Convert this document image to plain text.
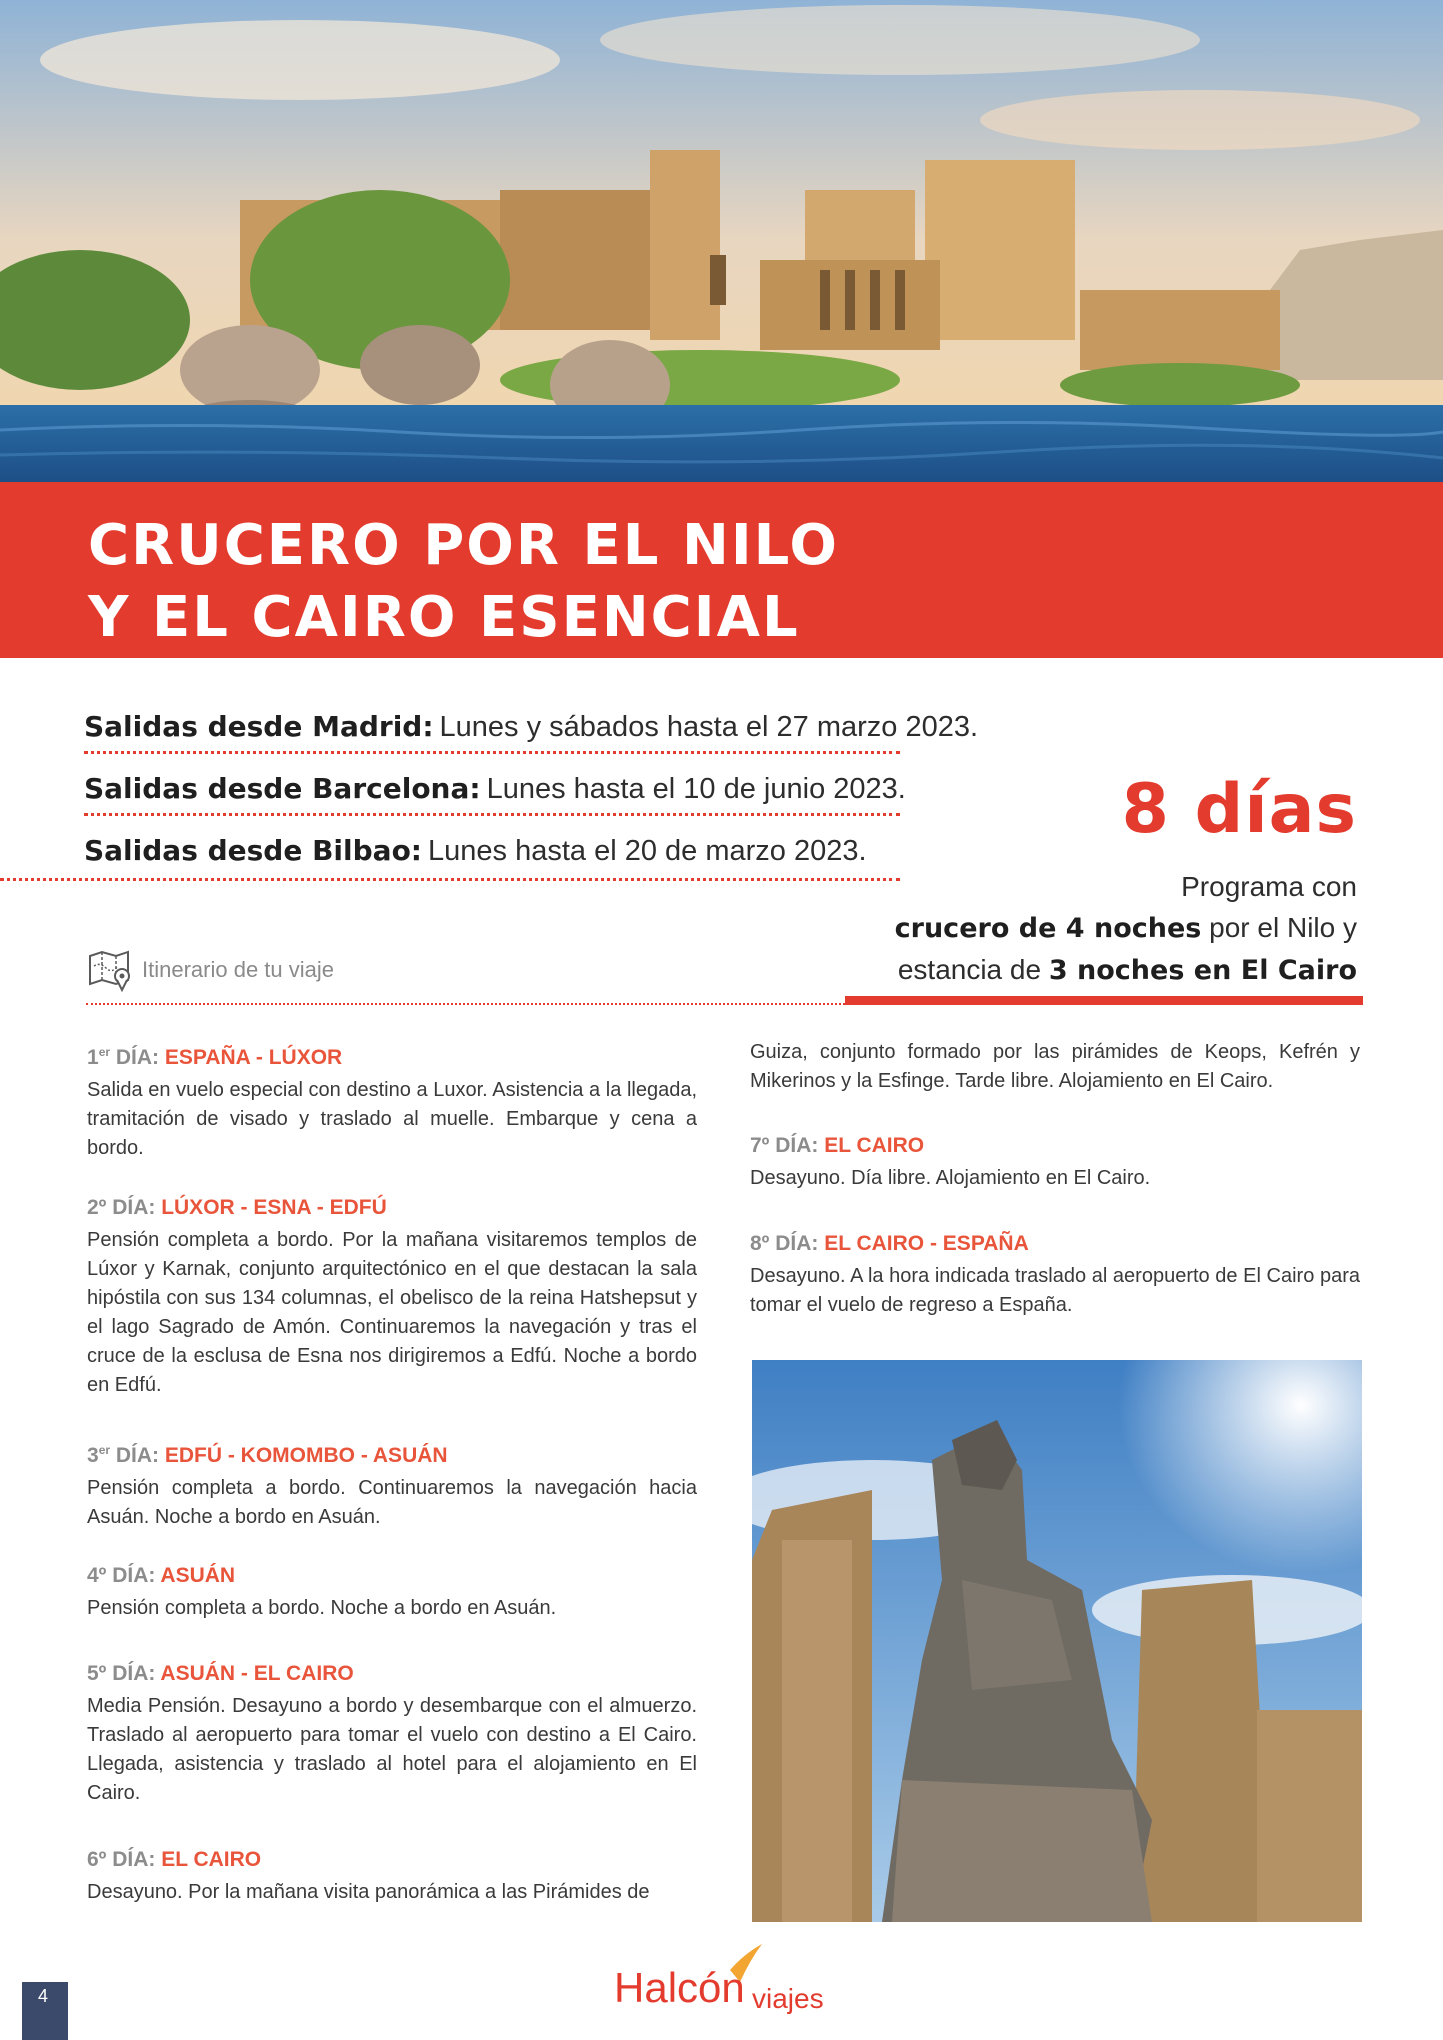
CRUCERO POR EL NILO
Y EL CAIRO ESENCIAL
Salidas desde Madrid: Lunes y sábados hasta el 27 marzo 2023.
Salidas desde Barcelona: Lunes hasta el 10 de junio 2023.
Salidas desde Bilbao: Lunes hasta el 20 de marzo 2023.
8 días
Programa con
crucero de 4 noches por el Nilo y
estancia de 3 noches en El Cairo
Itinerario de tu viaje
1er DÍA: ESPAÑA - LÚXOR
Salida en vuelo especial con destino a Luxor. Asistencia a la llegada, tramitación de visado y traslado al muelle. Embarque y cena a bordo.
2º DÍA: LÚXOR - ESNA - EDFÚ
Pensión completa a bordo. Por la mañana visitaremos templos de Lúxor y Karnak, conjunto arquitectónico en el que destacan la sala hipóstila con sus 134 columnas, el obelisco de la reina Hatshepsut y el lago Sagrado de Amón. Continuaremos la navegación y tras el cruce de la esclusa de Esna nos dirigiremos a Edfú. Noche a bordo en Edfú.
3er DÍA: EDFÚ - KOMOMBO - ASUÁN
Pensión completa a bordo. Continuaremos la navegación hacia Asuán. Noche a bordo en Asuán.
4º DÍA: ASUÁN
Pensión completa a bordo. Noche a bordo en Asuán.
5º DÍA: ASUÁN - EL CAIRO
Media Pensión. Desayuno a bordo y desembarque con el almuerzo. Traslado al aeropuerto para tomar el vuelo con destino a El Cairo. Llegada, asistencia y traslado al hotel para el alojamiento en El Cairo.
6º DÍA: EL CAIRO
Desayuno. Por la mañana visita panorámica a las Pirámides de
Guiza, conjunto formado por las pirámides de Keops, Kefrén y Mikerinos y la Esfinge. Tarde libre. Alojamiento en El Cairo.
7º DÍA: EL CAIRO
Desayuno. Día libre. Alojamiento en El Cairo.
8º DÍA: EL CAIRO - ESPAÑA
Desayuno. A la hora indicada traslado al aeropuerto de El Cairo para tomar el vuelo de regreso a España.
4	Halcón viajes
